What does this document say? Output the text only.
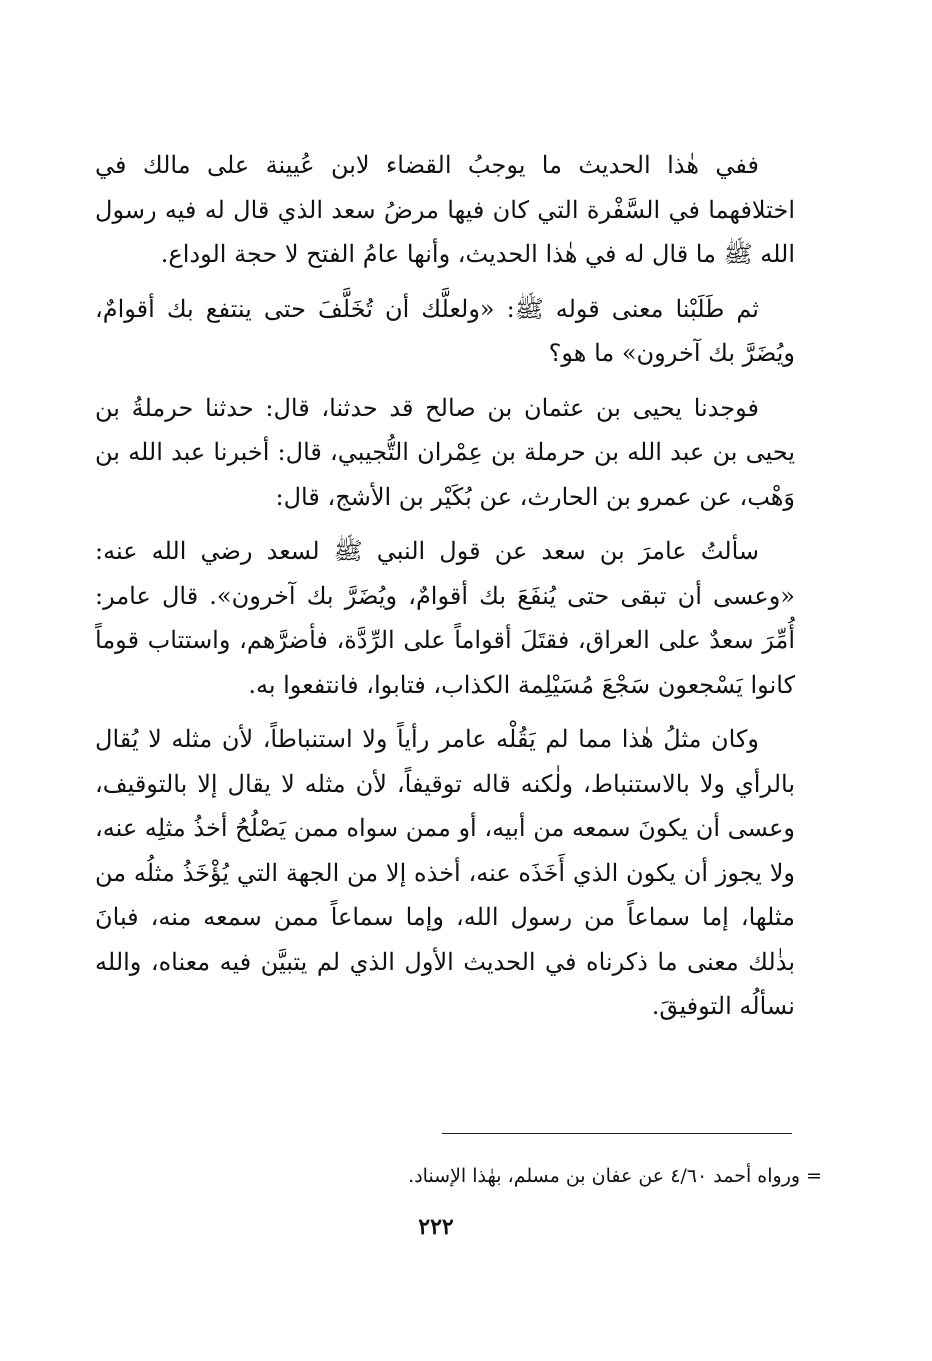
ففي هٰذا الحديث ما يوجبُ القضاء لابن عُيينة على مالك في اختلافهما في السَّفْرة التي كان فيها مرضُ سعد الذي قال له فيه رسول الله ﷺ ما قال له في هٰذا الحديث، وأنها عامُ الفتح لا حجة الوداع.

ثم طَلَبْنا معنى قوله ﷺ: «ولعلَّك أن تُخَلَّفَ حتى ينتفع بك أقوامٌ، ويُضَرَّ بك آخرون» ما هو؟

فوجدنا يحيى بن عثمان بن صالح قد حدثنا، قال: حدثنا حرملةُ بن يحيى بن عبد الله بن حرملة بن عِمْران التُّجيبي، قال: أخبرنا عبد الله بن وَهْب، عن عمرو بن الحارث، عن بُكَيْر بن الأشج، قال:

سألتُ عامرَ بن سعد عن قول النبي ﷺ لسعد رضي الله عنه: «وعسى أن تبقى حتى يُنفَعَ بك أقوامٌ، ويُضَرَّ بك آخرون». قال عامر: أُمِّرَ سعدٌ على العراق، فقتَلَ أقواماً على الرِّدَّة، فأضرَّهم، واستتاب قوماً كانوا يَسْجعون سَجْعَ مُسَيْلِمة الكذاب، فتابوا، فانتفعوا به.

وكان مثلُ هٰذا مما لم يَقُلْه عامر رأياً ولا استنباطاً، لأن مثله لا يُقال بالرأي ولا بالاستنباط، ولٰكنه قاله توقيفاً، لأن مثله لا يقال إلا بالتوقيف، وعسى أن يكونَ سمعه من أبيه، أو ممن سواه ممن يَصْلُحُ أخذُ مثلِه عنه، ولا يجوز أن يكون الذي أَخَذَه عنه، أخذه إلا من الجهة التي يُؤْخَذُ مثلُه من مثلها، إما سماعاً من رسول الله، وإما سماعاً ممن سمعه منه، فبانَ بذٰلك معنى ما ذكرناه في الحديث الأول الذي لم يتبيَّن فيه معناه، والله نسألُه التوفيقَ.

= ورواه أحمد ٤/٦٠ عن عفان بن مسلم، بهٰذا الإسناد.
٢٢٢
